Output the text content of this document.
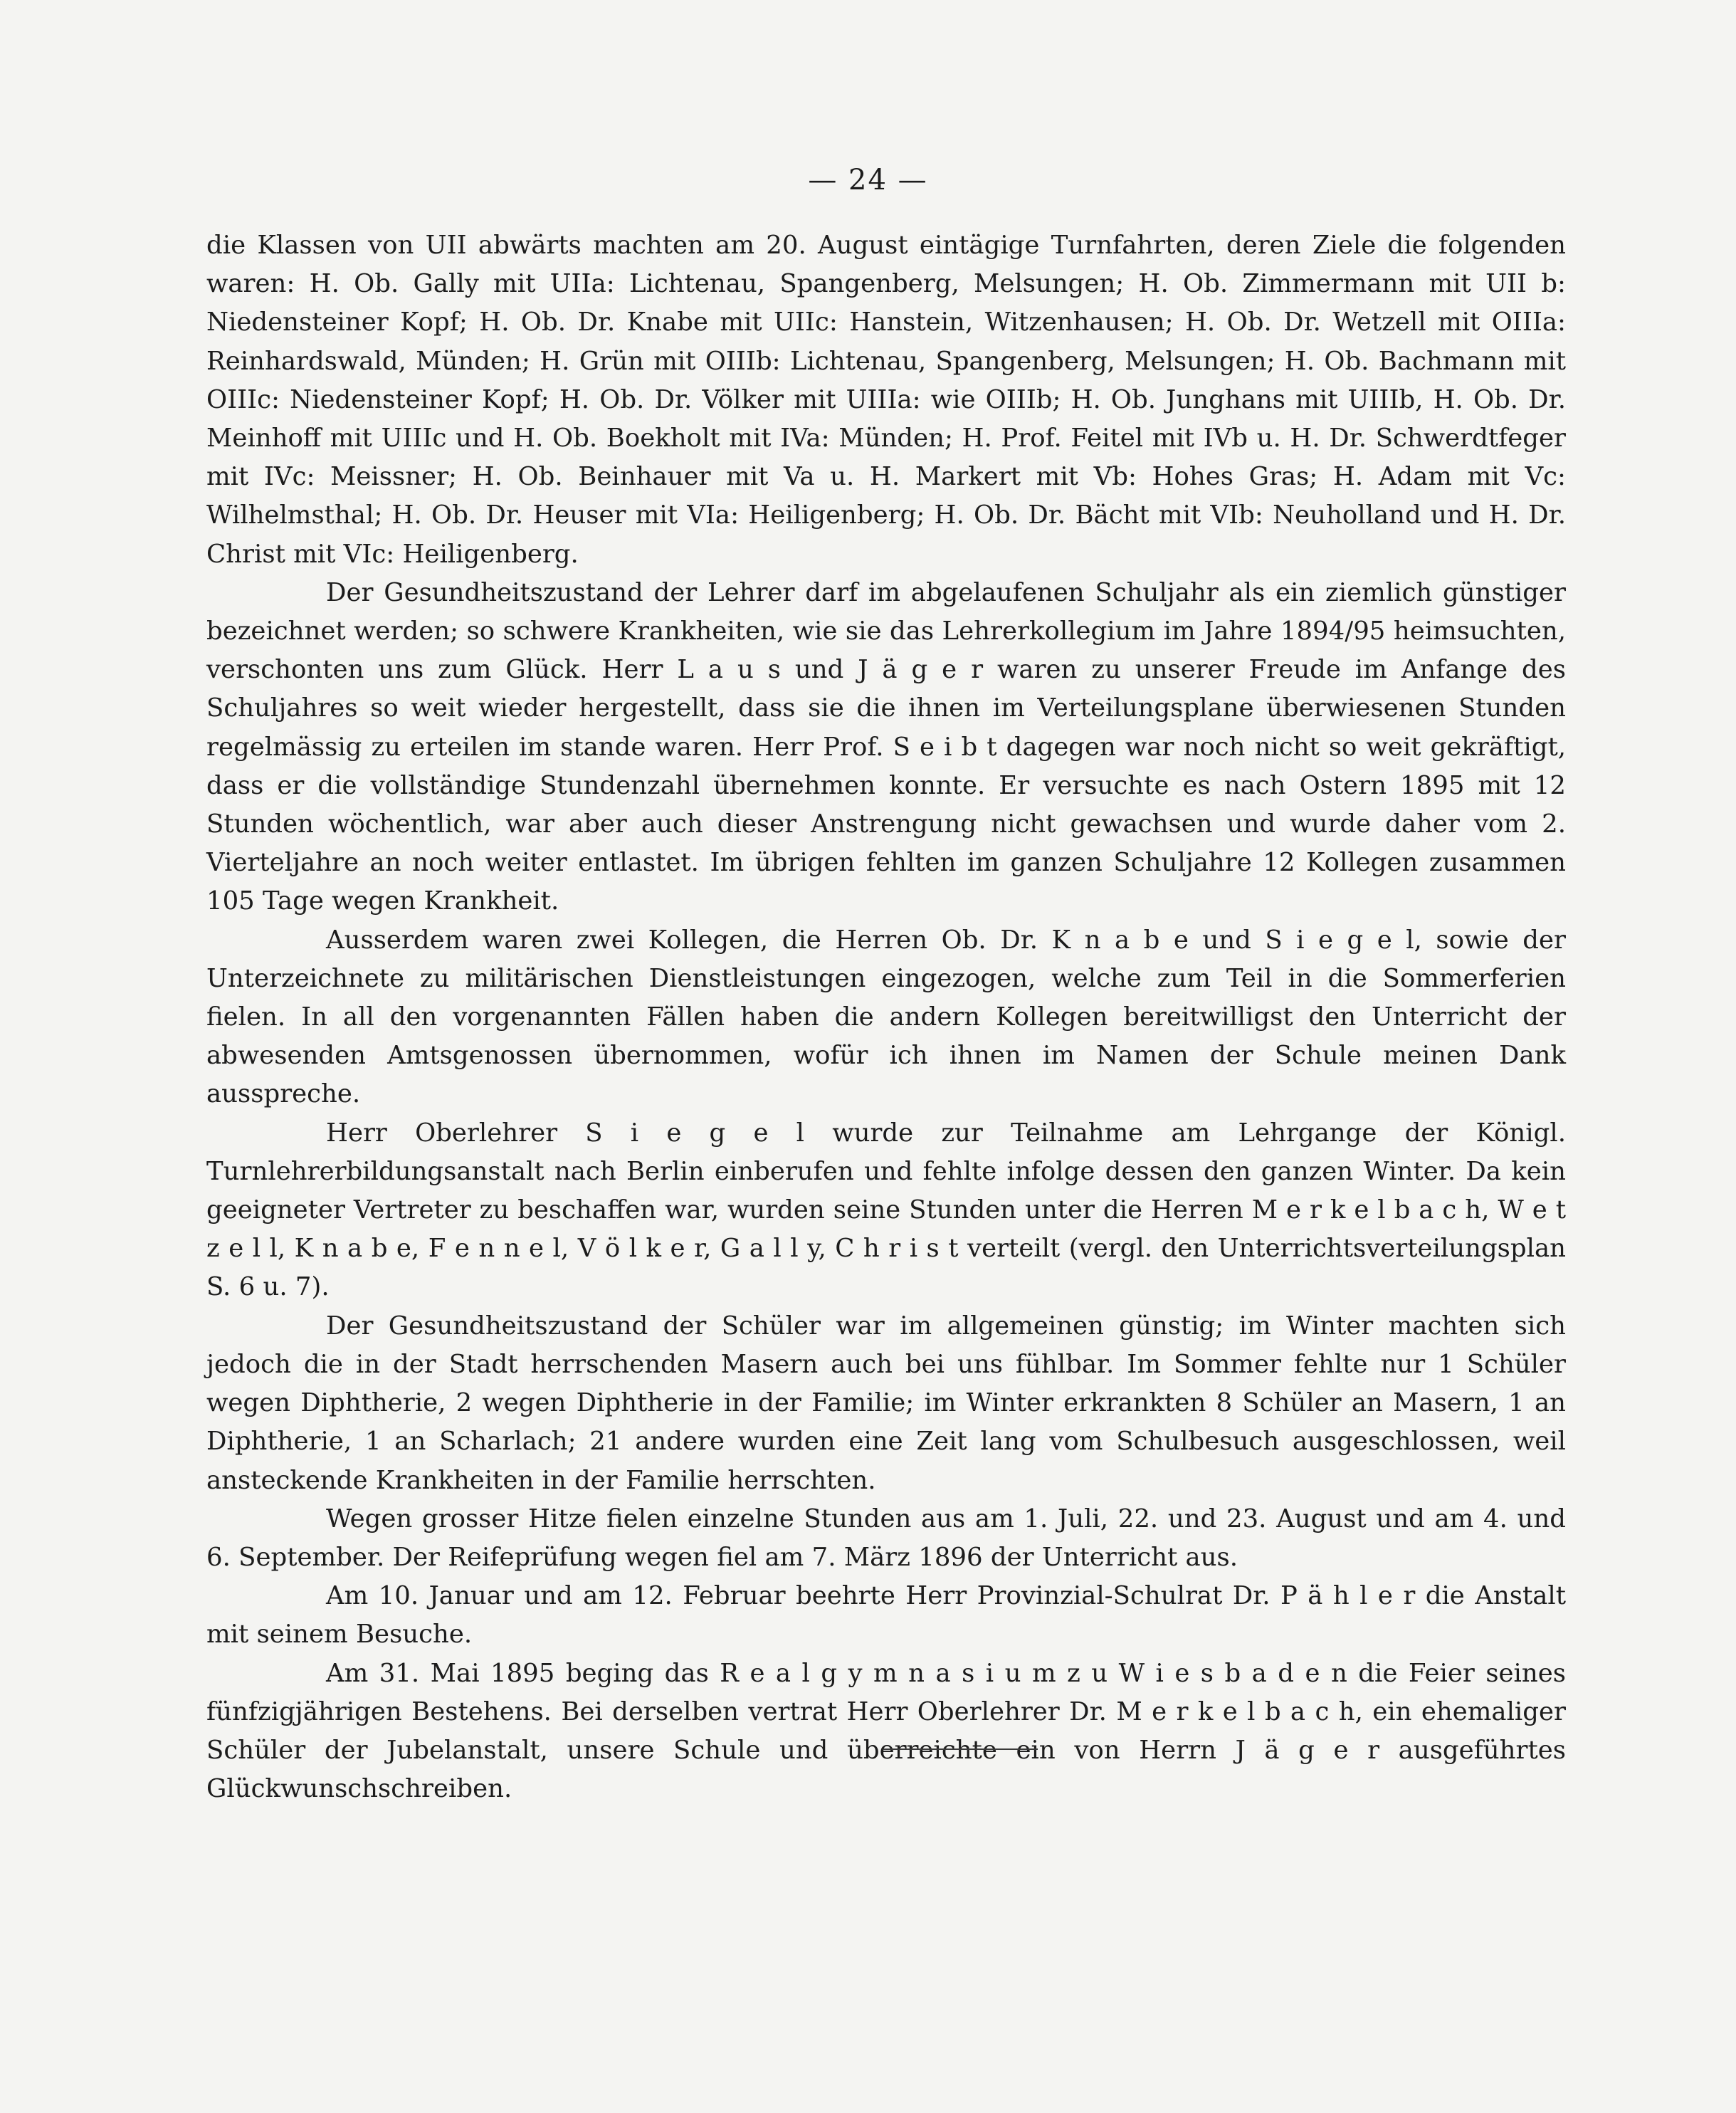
— 24 —

die Klassen von UII abwärts machten am 20. August eintägige Turnfahrten, deren Ziele die folgenden waren: H. Ob. Gally mit UIIa: Lichtenau, Spangenberg, Melsungen; H. Ob. Zimmermann mit UII b: Niedensteiner Kopf; H. Ob. Dr. Knabe mit UIIc: Hanstein, Witzenhausen; H. Ob. Dr. Wetzell mit OIIIa: Reinhardswald, Münden; H. Grün mit OIIIb: Lichtenau, Spangenberg, Melsungen; H. Ob. Bachmann mit OIIIc: Niedensteiner Kopf; H. Ob. Dr. Völker mit UIIIa: wie OIIIb; H. Ob. Junghans mit UIIIb, H. Ob. Dr. Meinhoff mit UIIIc und H. Ob. Boekholt mit IVa: Münden; H. Prof. Feitel mit IVb u. H. Dr. Schwerdtfeger mit IVc: Meissner; H. Ob. Beinhauer mit Va u. H. Markert mit Vb: Hohes Gras; H. Adam mit Vc: Wilhelmsthal; H. Ob. Dr. Heuser mit VIa: Heiligenberg; H. Ob. Dr. Bächt mit VIb: Neuholland und H. Dr. Christ mit VIc: Heiligenberg.

Der Gesundheitszustand der Lehrer darf im abgelaufenen Schuljahr als ein ziemlich günstiger bezeichnet werden; so schwere Krankheiten, wie sie das Lehrerkollegium im Jahre 1894/95 heimsuchten, verschonten uns zum Glück. Herr L a u s und J ä g e r waren zu unserer Freude im Anfange des Schuljahres so weit wieder hergestellt, dass sie die ihnen im Verteilungsplane überwiesenen Stunden regelmässig zu erteilen im stande waren. Herr Prof. S e i b t dagegen war noch nicht so weit gekräftigt, dass er die vollständige Stundenzahl übernehmen konnte. Er versuchte es nach Ostern 1895 mit 12 Stunden wöchentlich, war aber auch dieser Anstrengung nicht gewachsen und wurde daher vom 2. Vierteljahre an noch weiter entlastet. Im übrigen fehlten im ganzen Schuljahre 12 Kollegen zusammen 105 Tage wegen Krankheit.

Ausserdem waren zwei Kollegen, die Herren Ob. Dr. K n a b e und S i e g e l, sowie der Unterzeichnete zu militärischen Dienstleistungen eingezogen, welche zum Teil in die Sommerferien fielen. In all den vorgenannten Fällen haben die andern Kollegen bereitwilligst den Unterricht der abwesenden Amtsgenossen übernommen, wofür ich ihnen im Namen der Schule meinen Dank ausspreche.

Herr Oberlehrer S i e g e l wurde zur Teilnahme am Lehrgange der Königl. Turnlehrerbildungsanstalt nach Berlin einberufen und fehlte infolge dessen den ganzen Winter. Da kein geeigneter Vertreter zu beschaffen war, wurden seine Stunden unter die Herren M e r k e l b a c h, W e t z e l l, K n a b e, F e n n e l, V ö l k e r, G a l l y, C h r i s t verteilt (vergl. den Unterrichtsverteilungsplan S. 6 u. 7).

Der Gesundheitszustand der Schüler war im allgemeinen günstig; im Winter machten sich jedoch die in der Stadt herrschenden Masern auch bei uns fühlbar. Im Sommer fehlte nur 1 Schüler wegen Diphtherie, 2 wegen Diphtherie in der Familie; im Winter erkrankten 8 Schüler an Masern, 1 an Diphtherie, 1 an Scharlach; 21 andere wurden eine Zeit lang vom Schulbesuch ausgeschlossen, weil ansteckende Krankheiten in der Familie herrschten.

Wegen grosser Hitze fielen einzelne Stunden aus am 1. Juli, 22. und 23. August und am 4. und 6. September. Der Reifeprüfung wegen fiel am 7. März 1896 der Unterricht aus.

Am 10. Januar und am 12. Februar beehrte Herr Provinzial-Schulrat Dr. P ä h l e r die Anstalt mit seinem Besuche.

Am 31. Mai 1895 beging das R e a l g y m n a s i u m z u W i e s b a d e n die Feier seines fünfzigjährigen Bestehens. Bei derselben vertrat Herr Oberlehrer Dr. M e r k e l b a c h, ein ehemaliger Schüler der Jubelanstalt, unsere Schule und überreichte ein von Herrn J ä g e r ausgeführtes Glückwunschschreiben.
